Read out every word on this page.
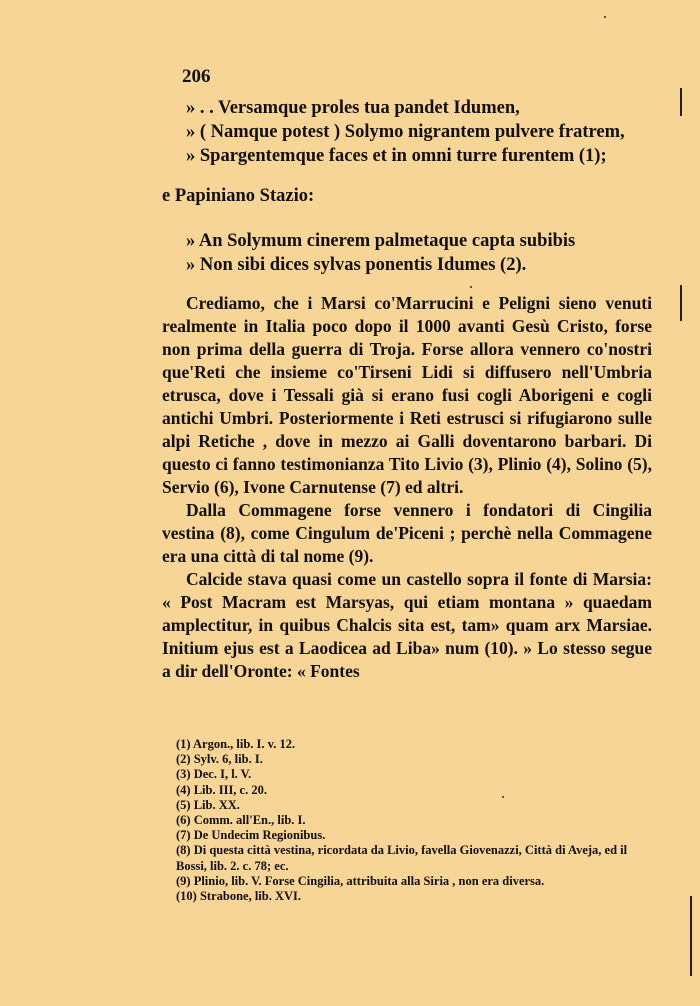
206
» . . Versamque proles tua pandet Idumen,
» ( Namque potest ) Solymo nigrantem pulvere fratrem,
» Spargentemque faces et in omni turre furentem (1);
e Papiniano Stazio:
» An Solymum cinerem palmetaque capta subibis
» Non sibi dices sylvas ponentis Idumes (2).

Crediamo, che i Marsi co'Marrucini e Peligni sieno venuti realmente in Italia poco dopo il 1000 avanti Gesù Cristo, forse non prima della guerra di Troja. Forse allora vennero co'nostri que'Reti che insieme co'Tirseni Lidi si diffusero nell'Umbria etrusca, dove i Tessali già si erano fusi cogli Aborigeni e cogli antichi Umbri. Posteriormente i Reti estrusci si rifugiarono sulle alpi Retiche , dove in mezzo ai Galli doventarono barbari. Di questo ci fanno testimonianza Tito Livio (3), Plinio (4), Solino (5), Servio (6), Ivone Carnutense (7) ed altri.

Dalla Commagene forse vennero i fondatori di Cingilia vestina (8), come Cingulum de'Piceni ; perchè nella Commagene era una città di tal nome (9).

Calcide stava quasi come un castello sopra il fonte di Marsia: « Post Macram est Marsyas, qui etiam montana » quaedam amplectitur, in quibus Chalcis sita est, tam» quam arx Marsiae. Initium ejus est a Laodicea ad Liba» num (10). » Lo stesso segue a dir dell'Oronte: « Fontes

(1) Argon., lib. I. v. 12.
(2) Sylv. 6, lib. I.
(3) Dec. I, l. V.
(4) Lib. III, c. 20.
(5) Lib. XX.
(6) Comm. all'En., lib. I.
(7) De Undecim Regionibus.
(8) Di questa città vestina, ricordata da Livio, favella Giovenazzi, Città di Aveja, ed il Bossi, lib. 2. c. 78; ec.
(9) Plinio, lib. V. Forse Cingilia, attribuita alla Siria , non era diversa.
(10) Strabone, lib. XVI.
